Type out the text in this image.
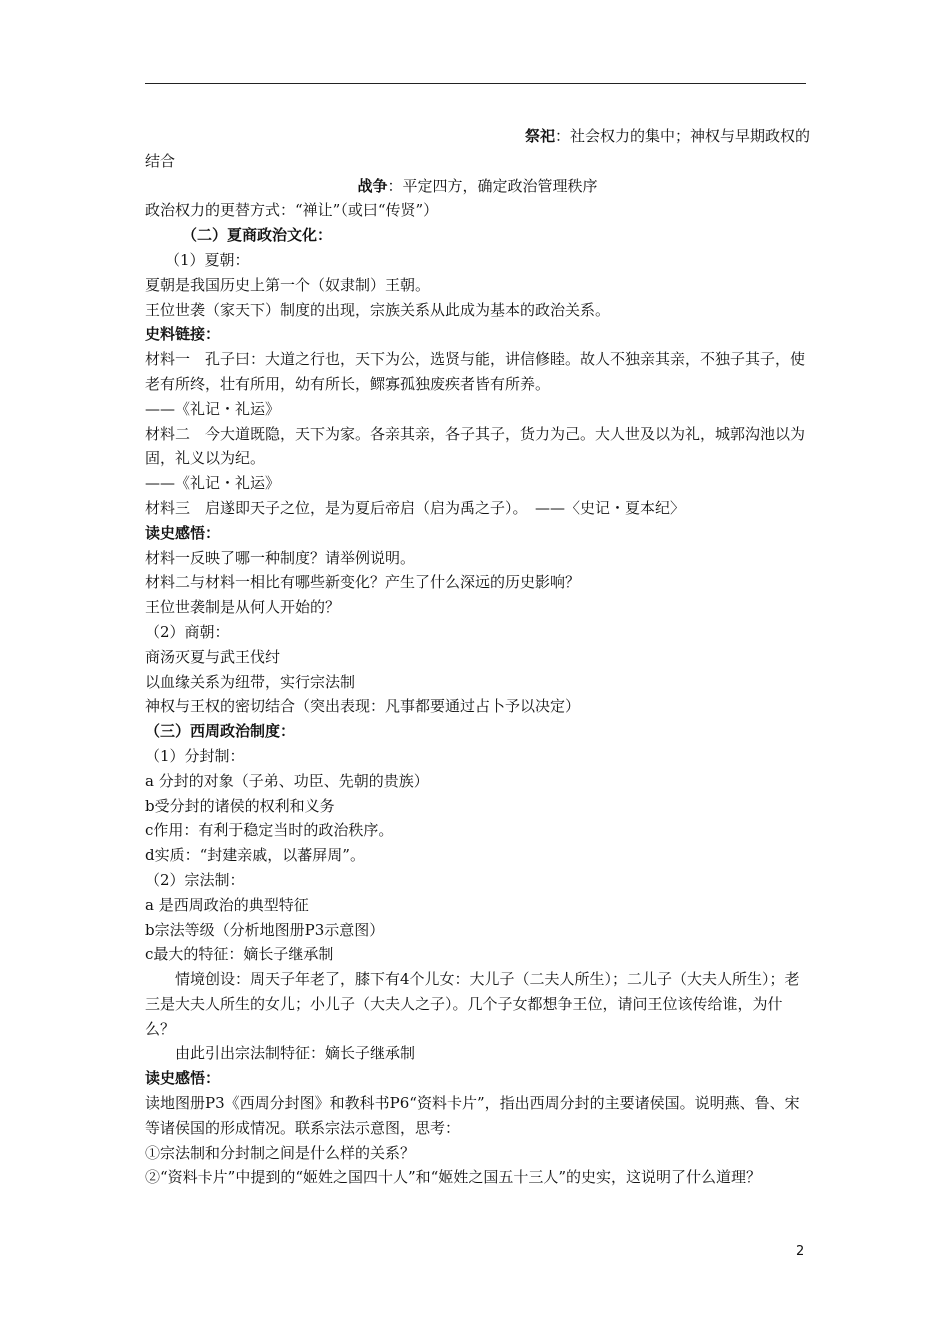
祭祀：社会权力的集中；神权与早期政权的

结合

战争：平定四方，确定政治管理秩序

政治权力的更替方式：“禅让”（或曰“传贤”）

（二）夏商政治文化：

（1）夏朝：

夏朝是我国历史上第一个（奴隶制）王朝。

王位世袭（家天下）制度的出现，宗族关系从此成为基本的政治关系。

史料链接：

材料一　孔子曰：大道之行也，天下为公，选贤与能，讲信修睦。故人不独亲其亲，不独子其子，使老有所终，壮有所用，幼有所长，鳏寡孤独废疾者皆有所养。

——《礼记・礼运》

材料二　今大道既隐，天下为家。各亲其亲，各子其子，货力为己。大人世及以为礼，城郭沟池以为固，礼义以为纪。

——《礼记・礼运》

材料三　启遂即天子之位，是为夏后帝启（启为禹之子）。　——〈史记・夏本纪〉

读史感悟：

材料一反映了哪一种制度？请举例说明。

材料二与材料一相比有哪些新变化？产生了什么深远的历史影响？

王位世袭制是从何人开始的？

（2）商朝：

商汤灭夏与武王伐纣

以血缘关系为纽带，实行宗法制

神权与王权的密切结合（突出表现：凡事都要通过占卜予以决定）

（三）西周政治制度：

（1）分封制：

a 分封的对象（子弟、功臣、先朝的贵族）

b受分封的诸侯的权利和义务

c作用：有利于稳定当时的政治秩序。

d实质：“封建亲戚，以蕃屏周”。

（2）宗法制：

a 是西周政治的典型特征

b宗法等级（分析地图册P3示意图）

c最大的特征：嫡长子继承制

情境创设：周天子年老了，膝下有4个儿女：大儿子（二夫人所生）；二儿子（大夫人所生）；老三是大夫人所生的女儿；小儿子（大夫人之子）。几个子女都想争王位，请问王位该传给谁，为什么？

由此引出宗法制特征：嫡长子继承制

读史感悟：

读地图册P3《西周分封图》和教科书P6“资料卡片”，指出西周分封的主要诸侯国。说明燕、鲁、宋等诸侯国的形成情况。联系宗法示意图，思考：

①宗法制和分封制之间是什么样的关系？

②“资料卡片”中提到的“姬姓之国四十人”和“姬姓之国五十三人”的史实，这说明了什么道理？

2
